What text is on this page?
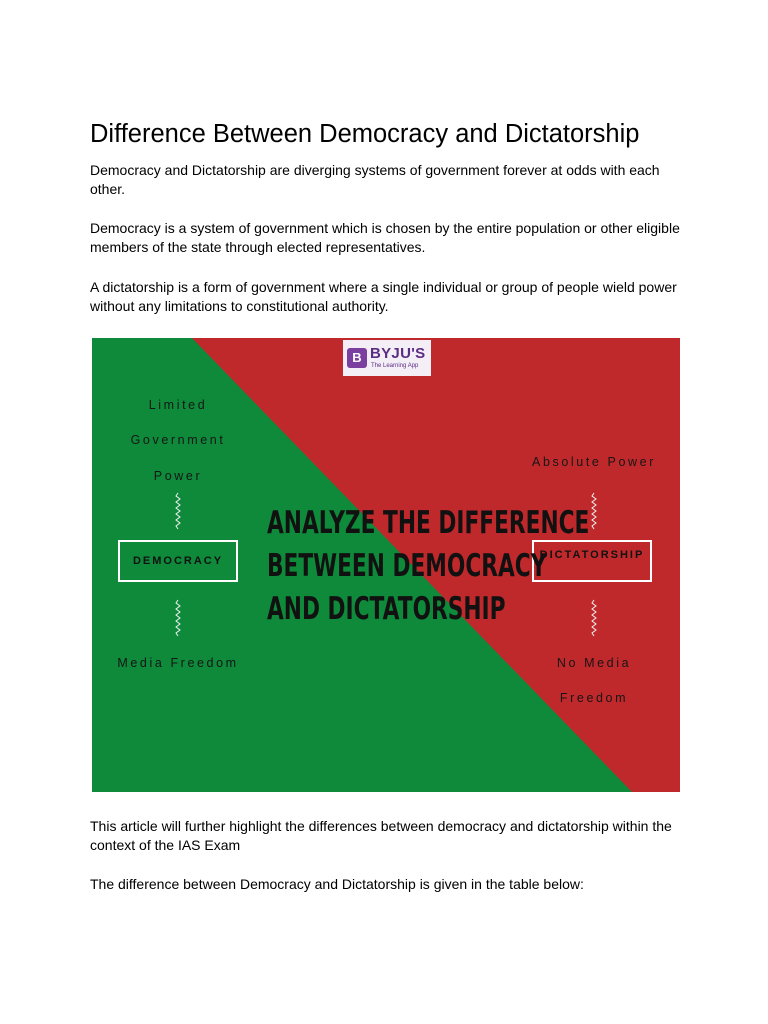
Difference Between Democracy and Dictatorship

Democracy and Dictatorship are diverging systems of government forever at odds with each other.

Democracy is a system of government which is chosen by the entire population or other eligible members of the state through elected representatives.

A dictatorship is a form of government where a single individual or group of people wield power without any limitations to constitutional authority.

B BYJU'S
The Learning App
Limited
Government
Power
DEMOCRACY
Media Freedom
Absolute Power
DICTATORSHIP
No Media
Freedom
ANALYZE THE DIFFERENCE
BETWEEN DEMOCRACY
AND DICTATORSHIP

This article will further highlight the differences between democracy and dictatorship within the context of the IAS Exam

The difference between Democracy and Dictatorship is given in the table below:
